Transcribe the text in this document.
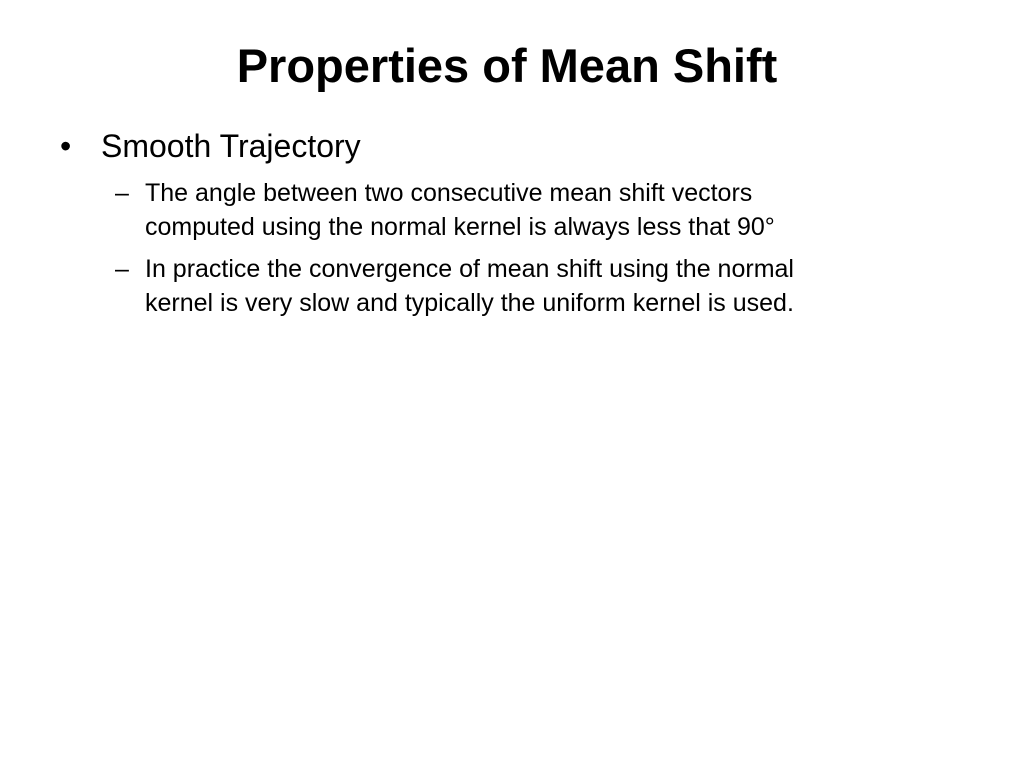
Properties of Mean Shift
• Smooth Trajectory
– The angle between two consecutive mean shift vectors
computed using the normal kernel is always less that 90°
– In practice the convergence of mean shift using the normal
kernel is very slow and typically the uniform kernel is used.
